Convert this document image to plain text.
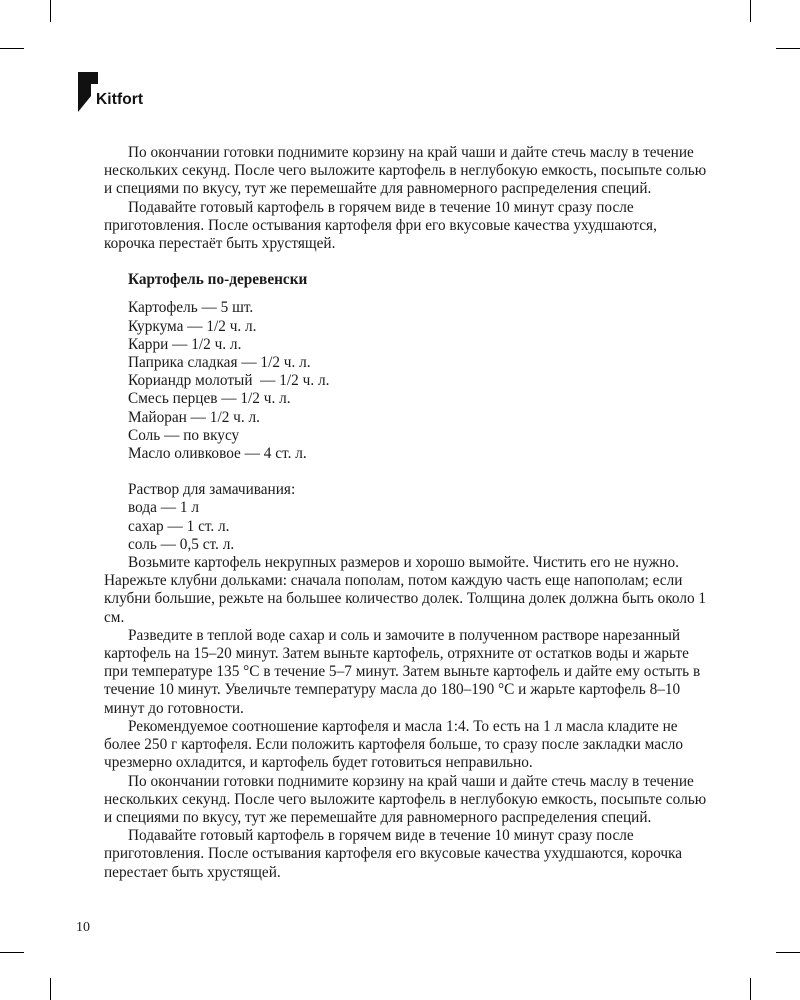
Kitfort

По окончании готовки поднимите корзину на край чаши и дайте стечь маслу в течение нескольких секунд. После чего выложите картофель в неглубокую емкость, посыпьте солью и специями по вкусу, тут же перемешайте для равномерного распределения специй.

Подавайте готовый картофель в горячем виде в течение 10 минут сразу после приготовления. После остывания картофеля фри его вкусовые качества ухудшаются, корочка перестаёт быть хрустящей.

Картофель по-деревенски

Картофель — 5 шт.
Куркума — 1/2 ч. л.
Карри — 1/2 ч. л.
Паприка сладкая — 1/2 ч. л.
Кориандр молотый  — 1/2 ч. л.
Смесь перцев — 1/2 ч. л.
Майоран — 1/2 ч. л.
Соль — по вкусу
Масло оливковое — 4 ст. л.
Раствор для замачивания:
вода — 1 л
сахар — 1 ст. л.
соль — 0,5 ст. л.

Возьмите картофель некрупных размеров и хорошо вымойте. Чистить его не нужно. Нарежьте клубни дольками: сначала пополам, потом каждую часть еще напополам; если клубни большие, режьте на большее количество долек. Толщина долек должна быть около 1 см.

Разведите в теплой воде сахар и соль и замочите в полученном растворе нарезанный картофель на 15–20 минут. Затем выньте картофель, отряхните от остатков воды и жарьте при температуре 135 °С в течение 5–7 минут. Затем выньте картофель и дайте ему остыть в течение 10 минут. Увеличьте температуру масла до 180–190 °С и жарьте картофель 8–10 минут до готовности.

Рекомендуемое соотношение картофеля и масла 1:4. То есть на 1 л масла кладите не более 250 г картофеля. Если положить картофеля больше, то сразу после закладки масло чрезмерно охладится, и картофель будет готовиться неправильно.

По окончании готовки поднимите корзину на край чаши и дайте стечь маслу в течение нескольких секунд. После чего выложите картофель в неглубокую емкость, посыпьте солью и специями по вкусу, тут же перемешайте для равномерного распределения специй.

Подавайте готовый картофель в горячем виде в течение 10 минут сразу после приготовления. После остывания картофеля его вкусовые качества ухудшаются, корочка перестает быть хрустящей.

10
